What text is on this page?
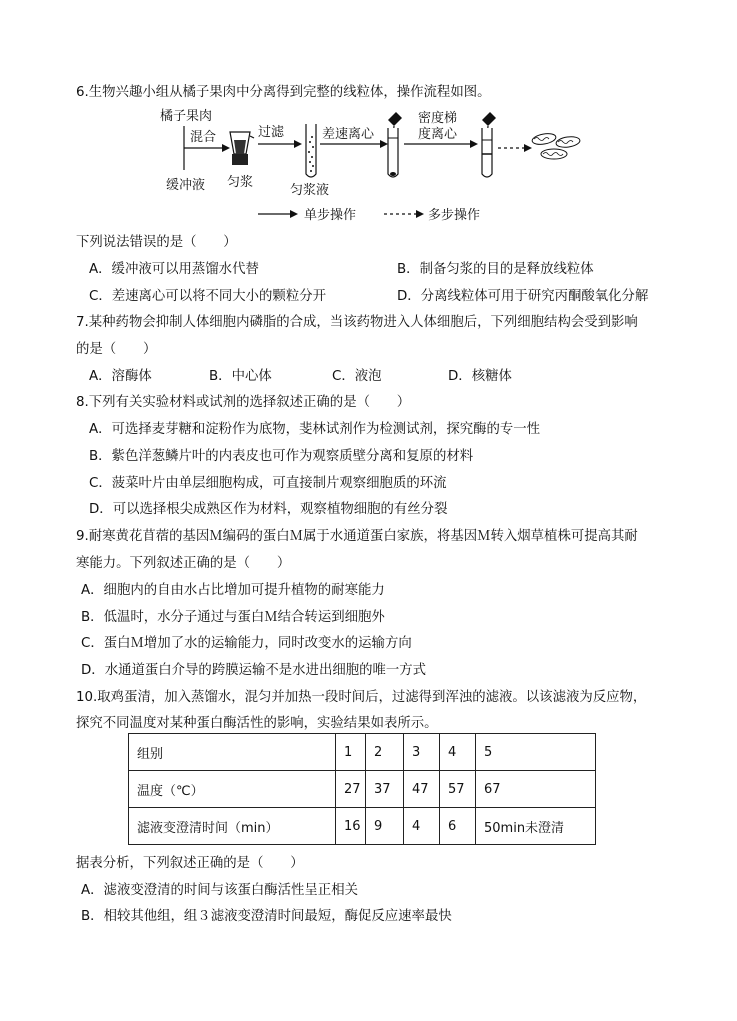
6.生物兴趣小组从橘子果肉中分离得到完整的线粒体，操作流程如图。
橘子果肉
混合
缓冲液 匀浆
过滤
匀浆液
差速离心
密度梯
度离心
单步操作	多步操作
下列说法错误的是（　　）
A．缓冲液可以用蒸馏水代替	B．制备匀浆的目的是释放线粒体
C．差速离心可以将不同大小的颗粒分开	D．分离线粒体可用于研究丙酮酸氧化分解
7.某种药物会抑制人体细胞内磷脂的合成，当该药物进入人体细胞后，下列细胞结构会受到影响
的是（　　）
A．溶酶体	B．中心体	C．液泡	D．核糖体
8.下列有关实验材料或试剂的选择叙述正确的是（　　）
A．可选择麦芽糖和淀粉作为底物，斐林试剂作为检测试剂，探究酶的专一性
B．紫色洋葱鳞片叶的内表皮也可作为观察质壁分离和复原的材料
C．菠菜叶片由单层细胞构成，可直接制片观察细胞质的环流
D．可以选择根尖成熟区作为材料，观察植物细胞的有丝分裂
9.耐寒黄花苜蓿的基因Ｍ编码的蛋白Ｍ属于水通道蛋白家族，将基因Ｍ转入烟草植株可提高其耐
寒能力。下列叙述正确的是（　　）
A．细胞内的自由水占比增加可提升植物的耐寒能力
B．低温时，水分子通过与蛋白Ｍ结合转运到细胞外
C．蛋白Ｍ增加了水的运输能力，同时改变水的运输方向
D．水通道蛋白介导的跨膜运输不是水进出细胞的唯一方式
10.取鸡蛋清，加入蒸馏水，混匀并加热一段时间后，过滤得到浑浊的滤液。以该滤液为反应物，
探究不同温度对某种蛋白酶活性的影响，实验结果如表所示。
组别	1	2	3	4	5
温度（℃）	27	37	47	57	67
滤液变澄清时间（min）	16	9	4	6	50min未澄清
据表分析，下列叙述正确的是（　　）
A．滤液变澄清的时间与该蛋白酶活性呈正相关
B．相较其他组，组３滤液变澄清时间最短，酶促反应速率最快
